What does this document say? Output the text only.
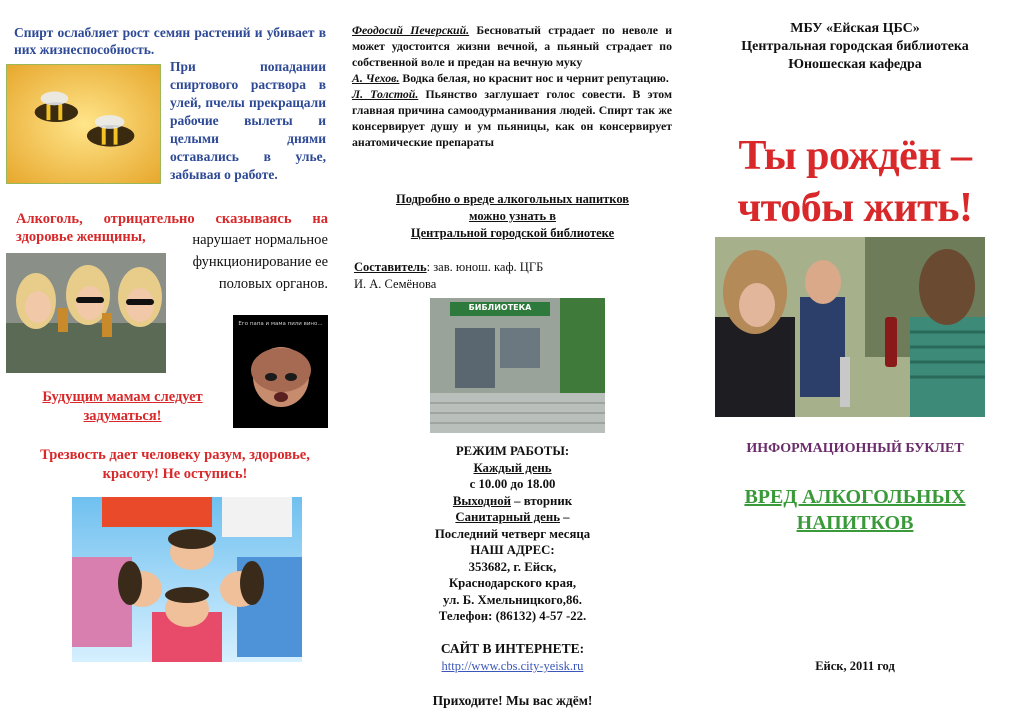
Спирт ослабляет рост семян растений и убивает в них жизнеспособность.
При попадании спиртового раствора в улей, пчелы прекращали рабочие вылеты и целыми днями оставались в улье, забывая о работе.
Алкоголь, отрицательно сказываясь на здоровье женщины,	нарушает нормальное функционирование ее половых органов.
Его папа и мама пили вино...
Будущим мамам следует задуматься!
Трезвость дает человеку разум, здоровье, красоту! Не оступись!

Феодосий Печерский. Бесноватый страдает по неволе и может удостоится жизни вечной, а пьяный страдает по собственной воле и предан на вечную муку

А. Чехов. Водка белая, но краснит нос и чернит репутацию.

Л. Толстой. Пьянство заглушает голос совести. В этом главная причина самоодурманивания людей. Спирт так же консервирует душу и ум пьяницы, как он консервирует анатомические препараты

Подробно о вреде алкогольных напитков
можно узнать в
Центральной городской библиотеке
Составитель: зав. юнош. каф. ЦГБ
И. А. Семёнова
БИБЛИОТЕКА
РЕЖИМ РАБОТЫ:
Каждый день
с 10.00 до 18.00
Выходной – вторник
Санитарный день –
Последний четверг месяца
НАШ АДРЕС:
353682, г. Ейск,
Краснодарского края,
ул. Б. Хмельницкого,86.
Телефон: (86132) 4-57 -22.
САЙТ В ИНТЕРНЕТЕ:
http://www.cbs.city-yeisk.ru
Приходите! Мы вас ждём!
МБУ «Ейская ЦБС»
Центральная городская библиотека
Юношеская кафедра
Ты рождён –
чтобы жить!
ИНФОРМАЦИОННЫЙ БУКЛЕТ
ВРЕД АЛКОГОЛЬНЫХ
НАПИТКОВ
Ейск, 2011 год
